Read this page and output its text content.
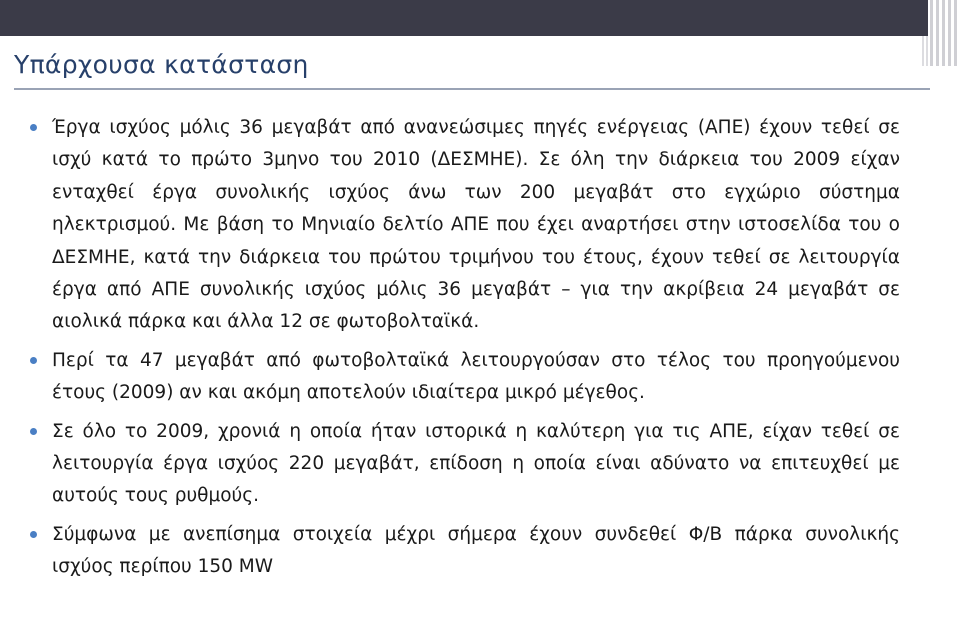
Υπάρχουσα κατάσταση
Έργα ισχύος μόλις 36 μεγαβάτ από ανανεώσιμες πηγές ενέργειας (ΑΠΕ) έχουν τεθεί σε ισχύ κατά το πρώτο 3μηνο του 2010 (ΔΕΣΜΗΕ). Σε όλη την διάρκεια του 2009 είχαν ενταχθεί έργα συνολικής ισχύος άνω των 200 μεγαβάτ στο εγχώριο σύστημα ηλεκτρισμού. Με βάση το Μηνιαίο δελτίο ΑΠΕ που έχει αναρτήσει στην ιστοσελίδα του ο ΔΕΣΜΗΕ, κατά την διάρκεια του πρώτου τριμήνου του έτους, έχουν τεθεί σε λειτουργία έργα από ΑΠΕ συνολικής ισχύος μόλις 36 μεγαβάτ – για την ακρίβεια 24 μεγαβάτ σε αιολικά πάρκα και άλλα 12 σε φωτοβολταϊκά.
Περί τα 47 μεγαβάτ από φωτοβολταϊκά λειτουργούσαν στο τέλος του προηγούμενου έτους (2009) αν και ακόμη αποτελούν ιδιαίτερα μικρό μέγεθος.
Σε όλο το 2009, χρονιά η οποία ήταν ιστορικά η καλύτερη για τις ΑΠΕ, είχαν τεθεί σε λειτουργία έργα ισχύος 220 μεγαβάτ, επίδοση η οποία είναι αδύνατο να επιτευχθεί με αυτούς τους ρυθμούς.
Σύμφωνα με ανεπίσημα στοιχεία μέχρι σήμερα έχουν συνδεθεί Φ/Β πάρκα συνολικής ισχύος περίπου 150 MW
